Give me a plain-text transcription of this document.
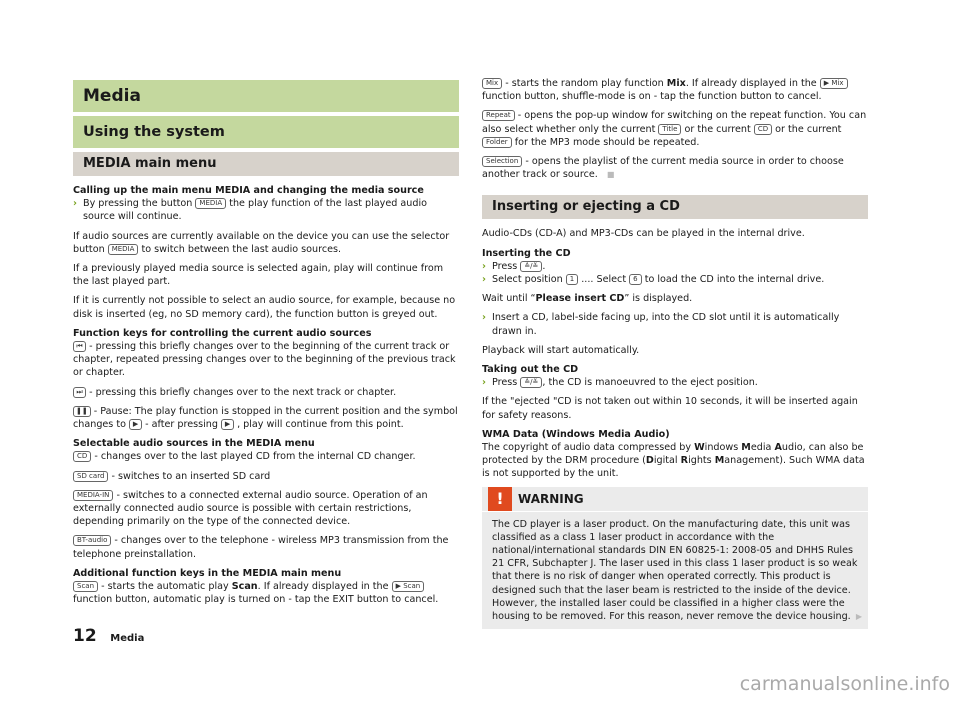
Media
Using the system
MEDIA main menu

Calling up the main menu MEDIA and changing the media source

› By pressing the button MEDIA the play function of the last played audio source will continue.

If audio sources are currently available on the device you can use the selector button MEDIA to switch between the last audio sources.

If a previously played media source is selected again, play will continue from the last played part.

If it is currently not possible to select an audio source, for example, because no disk is inserted (eg, no SD memory card), the function button is greyed out.

Function keys for controlling the current audio sources

⏮ - pressing this briefly changes over to the beginning of the current track or chapter, repeated pressing changes over to the beginning of the previous track or chapter.

⏭ - pressing this briefly changes over to the next track or chapter.

❚❚ - Pause: The play function is stopped in the current position and the symbol changes to ▶ - after pressing ▶ , play will continue from this point.

Selectable audio sources in the MEDIA menu

CD - changes over to the last played CD from the internal CD changer.

SD card - switches to an inserted SD card

MEDIA-IN - switches to a connected external audio source. Operation of an externally connected audio source is possible with certain restrictions, depending primarily on the type of the connected device.

BT-audio - changes over to the telephone - wireless MP3 transmission from the telephone preinstallation.

Additional function keys in the MEDIA main menu

Scan - starts the automatic play Scan. If already displayed in the ▶ Scan function button, automatic play is turned on - tap the EXIT button to cancel.

Mix - starts the random play function Mix. If already displayed in the ▶ Mix function button, shuffle-mode is on - tap the function button to cancel.

Repeat - opens the pop-up window for switching on the repeat function. You can also select whether only the current Title or the current CD or the current Folder for the MP3 mode should be repeated.

Selection - opens the playlist of the current media source in order to choose another track or source. ■

Inserting or ejecting a CD

Audio-CDs (CD-A) and MP3-CDs can be played in the internal drive.

Inserting the CD

› Press ≙/≚ .
› Select position 1 .... Select 6 to load the CD into the internal drive.

Wait until “Please insert CD” is displayed.

› Insert a CD, label-side facing up, into the CD slot until it is automatically drawn in.

Playback will start automatically.

Taking out the CD

› Press ≙/≚ , the CD is manoeuvred to the eject position.

If the "ejected "CD is not taken out within 10 seconds, it will be inserted again for safety reasons.

WMA Data (Windows Media Audio)

The copyright of audio data compressed by Windows Media Audio, can also be protected by the DRM procedure (Digital Rights Management). Such WMA data is not supported by the unit.

!	WARNING
The CD player is a laser product. On the manufacturing date, this unit was classified as a class 1 laser product in accordance with the national/international standards DIN EN 60825-1: 2008-05 and DHHS Rules 21 CFR, Subchapter J. The laser used in this class 1 laser product is so weak that there is no risk of danger when operated correctly. This product is designed such that the laser beam is restricted to the inside of the device. However, the installed laser could be classified in a higher class were the housing to be removed. For this reason, never remove the device housing. ▶
12 Media
carmanualsonline.info
